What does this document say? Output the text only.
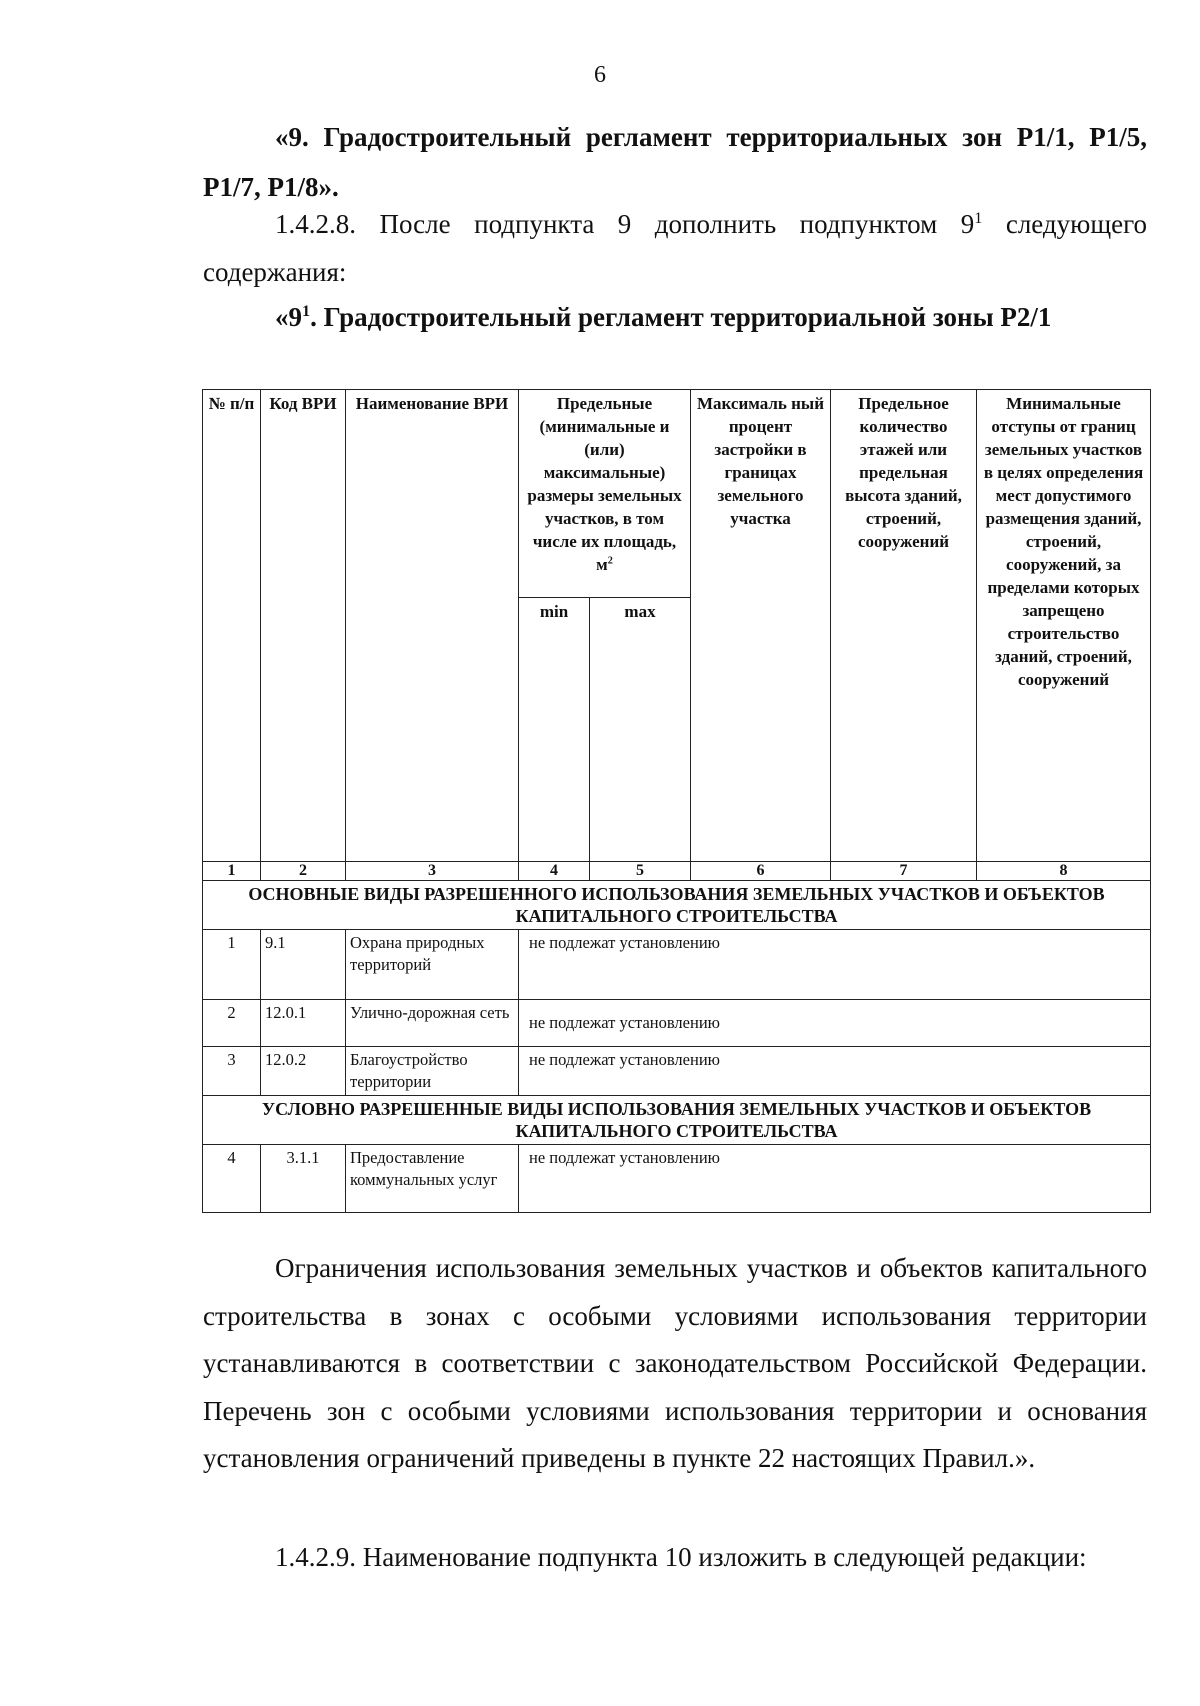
6

«9. Градостроительный регламент территориальных зон Р1/1, Р1/5, Р1/7, Р1/8».

1.4.2.8. После подпункта 9 дополнить подпунктом $9^1$ следующего содержания:

«$9^1$. Градостроительный регламент территориальной зоны Р2/1

№ п/п	Код ВРИ	Наименование ВРИ	Предельные (минимальные и (или) максимальные) размеры земельных участков, в том числе их площадь, $м^2$		Максималь ный процент застройки в границах земельного участка	Предельное количество этажей или предельная высота зданий, строений, сооружений	Минимальные отступы от границ земельных участков в целях определения мест допустимого размещения зданий, строений, сооружений, за пределами которых запрещено строительство зданий, строений, сооружений
			min	max			
1	2	3	4	5	6	7	8
ОСНОВНЫЕ ВИДЫ РАЗРЕШЕННОГО ИСПОЛЬЗОВАНИЯ ЗЕМЕЛЬНЫХ УЧАСТКОВ И ОБЪЕКТОВ КАПИТАЛЬНОГО СТРОИТЕЛЬСТВА							
1	9.1	Охрана природных территорий	не подлежат установлению				
2	12.0.1	Улично-дорожная сеть	не подлежат установлению				
3	12.0.2	Благоустройство территории	не подлежат установлению				
УСЛОВНО РАЗРЕШЕННЫЕ ВИДЫ ИСПОЛЬЗОВАНИЯ ЗЕМЕЛЬНЫХ УЧАСТКОВ И ОБЪЕКТОВ КАПИТАЛЬНОГО СТРОИТЕЛЬСТВА							
4	3.1.1	Предоставление коммунальных услуг	не подлежат установлению				

Ограничения использования земельных участков и объектов капитального строительства в зонах с особыми условиями использования территории устанавливаются в соответствии с законодательством Российской Федерации. Перечень зон с особыми условиями использования территории и основания установления ограничений приведены в пункте 22 настоящих Правил.».

1.4.2.9. Наименование подпункта 10 изложить в следующей редакции:
